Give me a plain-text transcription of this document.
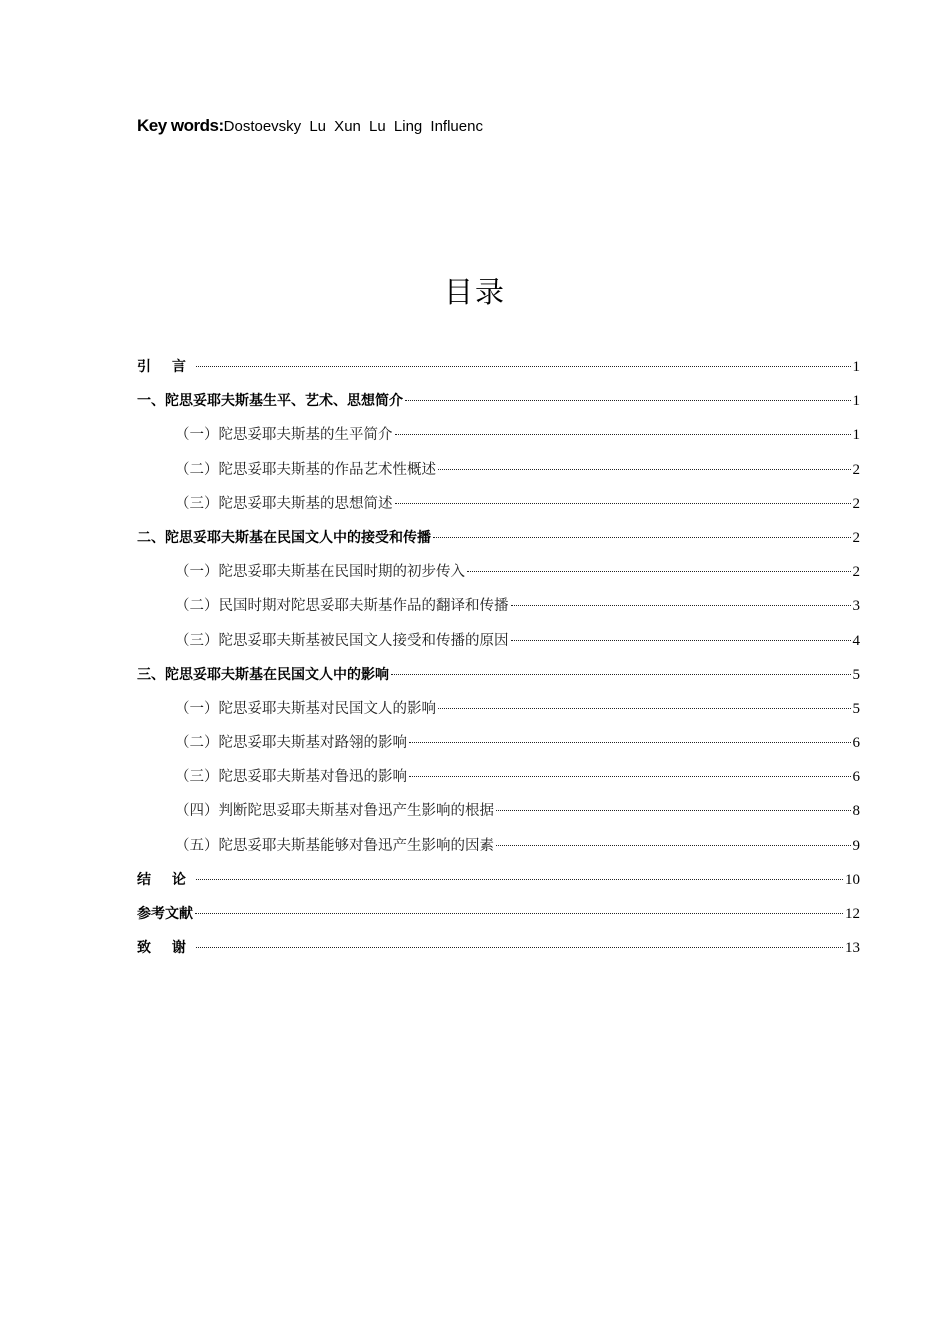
Key words:Dostoevsky Lu Xun Lu Ling Influenc
目录
引 言	1
一、陀思妥耶夫斯基生平、艺术、思想简介	1
（一）陀思妥耶夫斯基的生平简介	1
（二）陀思妥耶夫斯基的作品艺术性概述	2
（三）陀思妥耶夫斯基的思想简述	2
二、陀思妥耶夫斯基在民国文人中的接受和传播	2
（一）陀思妥耶夫斯基在民国时期的初步传入	2
（二）民国时期对陀思妥耶夫斯基作品的翻译和传播	3
（三）陀思妥耶夫斯基被民国文人接受和传播的原因	4
三、陀思妥耶夫斯基在民国文人中的影响	5
（一）陀思妥耶夫斯基对民国文人的影响	5
（二）陀思妥耶夫斯基对路翎的影响	6
（三）陀思妥耶夫斯基对鲁迅的影响	6
（四）判断陀思妥耶夫斯基对鲁迅产生影响的根据	8
（五）陀思妥耶夫斯基能够对鲁迅产生影响的因素	9
结 论	10
参考文献	12
致 谢	13
